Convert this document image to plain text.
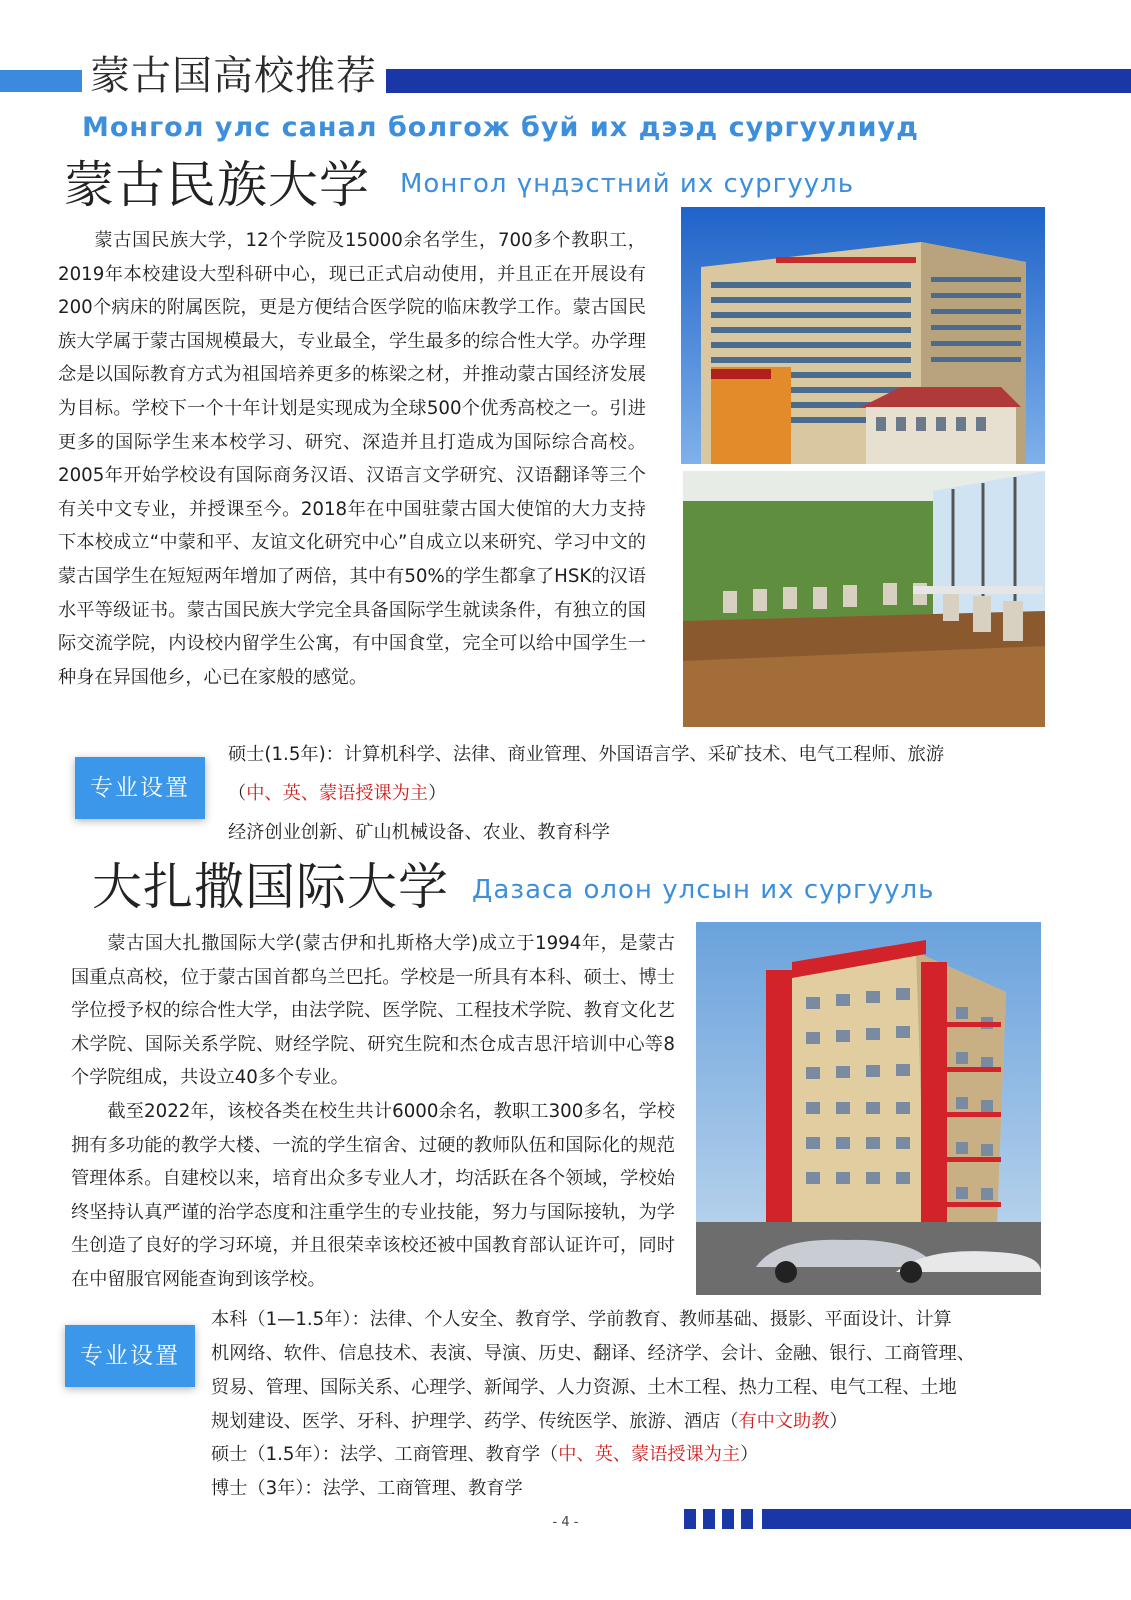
蒙古国高校推荐
Монгол улс санал болгож буй их дээд сургуулиуд
蒙古民族大学 Монгол үндэстний их сургууль
蒙古国民族大学，12个学院及15000余名学生，700多个教职工，2019年本校建设大型科研中心，现已正式启动使用，并且正在开展设有200个病床的附属医院，更是方便结合医学院的临床教学工作。蒙古国民族大学属于蒙古国规模最大，专业最全，学生最多的综合性大学。办学理念是以国际教育方式为祖国培养更多的栋梁之材，并推动蒙古国经济发展为目标。学校下一个十年计划是实现成为全球500个优秀高校之一。引进更多的国际学生来本校学习、研究、深造并且打造成为国际综合高校。2005年开始学校设有国际商务汉语、汉语言文学研究、汉语翻译等三个有关中文专业，并授课至今。2018年在中国驻蒙古国大使馆的大力支持下本校成立“中蒙和平、友谊文化研究中心”自成立以来研究、学习中文的蒙古国学生在短短两年增加了两倍，其中有50%的学生都拿了HSK的汉语水平等级证书。蒙古国民族大学完全具备国际学生就读条件，有独立的国际交流学院，内设校内留学生公寓，有中国食堂，完全可以给中国学生一种身在异国他乡，心已在家般的感觉。
专业设置
硕士(1.5年)：计算机科学、法律、商业管理、外国语言学、采矿技术、电气工程师、旅游
（中、英、蒙语授课为主）
经济创业创新、矿山机械设备、农业、教育科学
大扎撒国际大学 Дазаса олон улсын их сургууль
蒙古国大扎撒国际大学(蒙古伊和扎斯格大学)成立于1994年，是蒙古国重点高校，位于蒙古国首都乌兰巴托。学校是一所具有本科、硕士、博士学位授予权的综合性大学，由法学院、医学院、工程技术学院、教育文化艺术学院、国际关系学院、财经学院、研究生院和杰仓成吉思汗培训中心等8个学院组成，共设立40多个专业。
截至2022年，该校各类在校生共计6000余名，教职工300多名，学校拥有多功能的教学大楼、一流的学生宿舍、过硬的教师队伍和国际化的规范管理体系。自建校以来，培育出众多专业人才，均活跃在各个领域，学校始终坚持认真严谨的治学态度和注重学生的专业技能，努力与国际接轨，为学生创造了良好的学习环境，并且很荣幸该校还被中国教育部认证许可，同时在中留服官网能查询到该学校。
专业设置
本科（1—1.5年）：法律、个人安全、教育学、学前教育、教师基础、摄影、平面设计、计算
机网络、软件、信息技术、表演、导演、历史、翻译、经济学、会计、金融、银行、工商管理、
贸易、管理、国际关系、心理学、新闻学、人力资源、土木工程、热力工程、电气工程、土地
规划建设、医学、牙科、护理学、药学、传统医学、旅游、酒店（有中文助教）
硕士（1.5年）：法学、工商管理、教育学（中、英、蒙语授课为主）
博士（3年）：法学、工商管理、教育学
- 4 -
